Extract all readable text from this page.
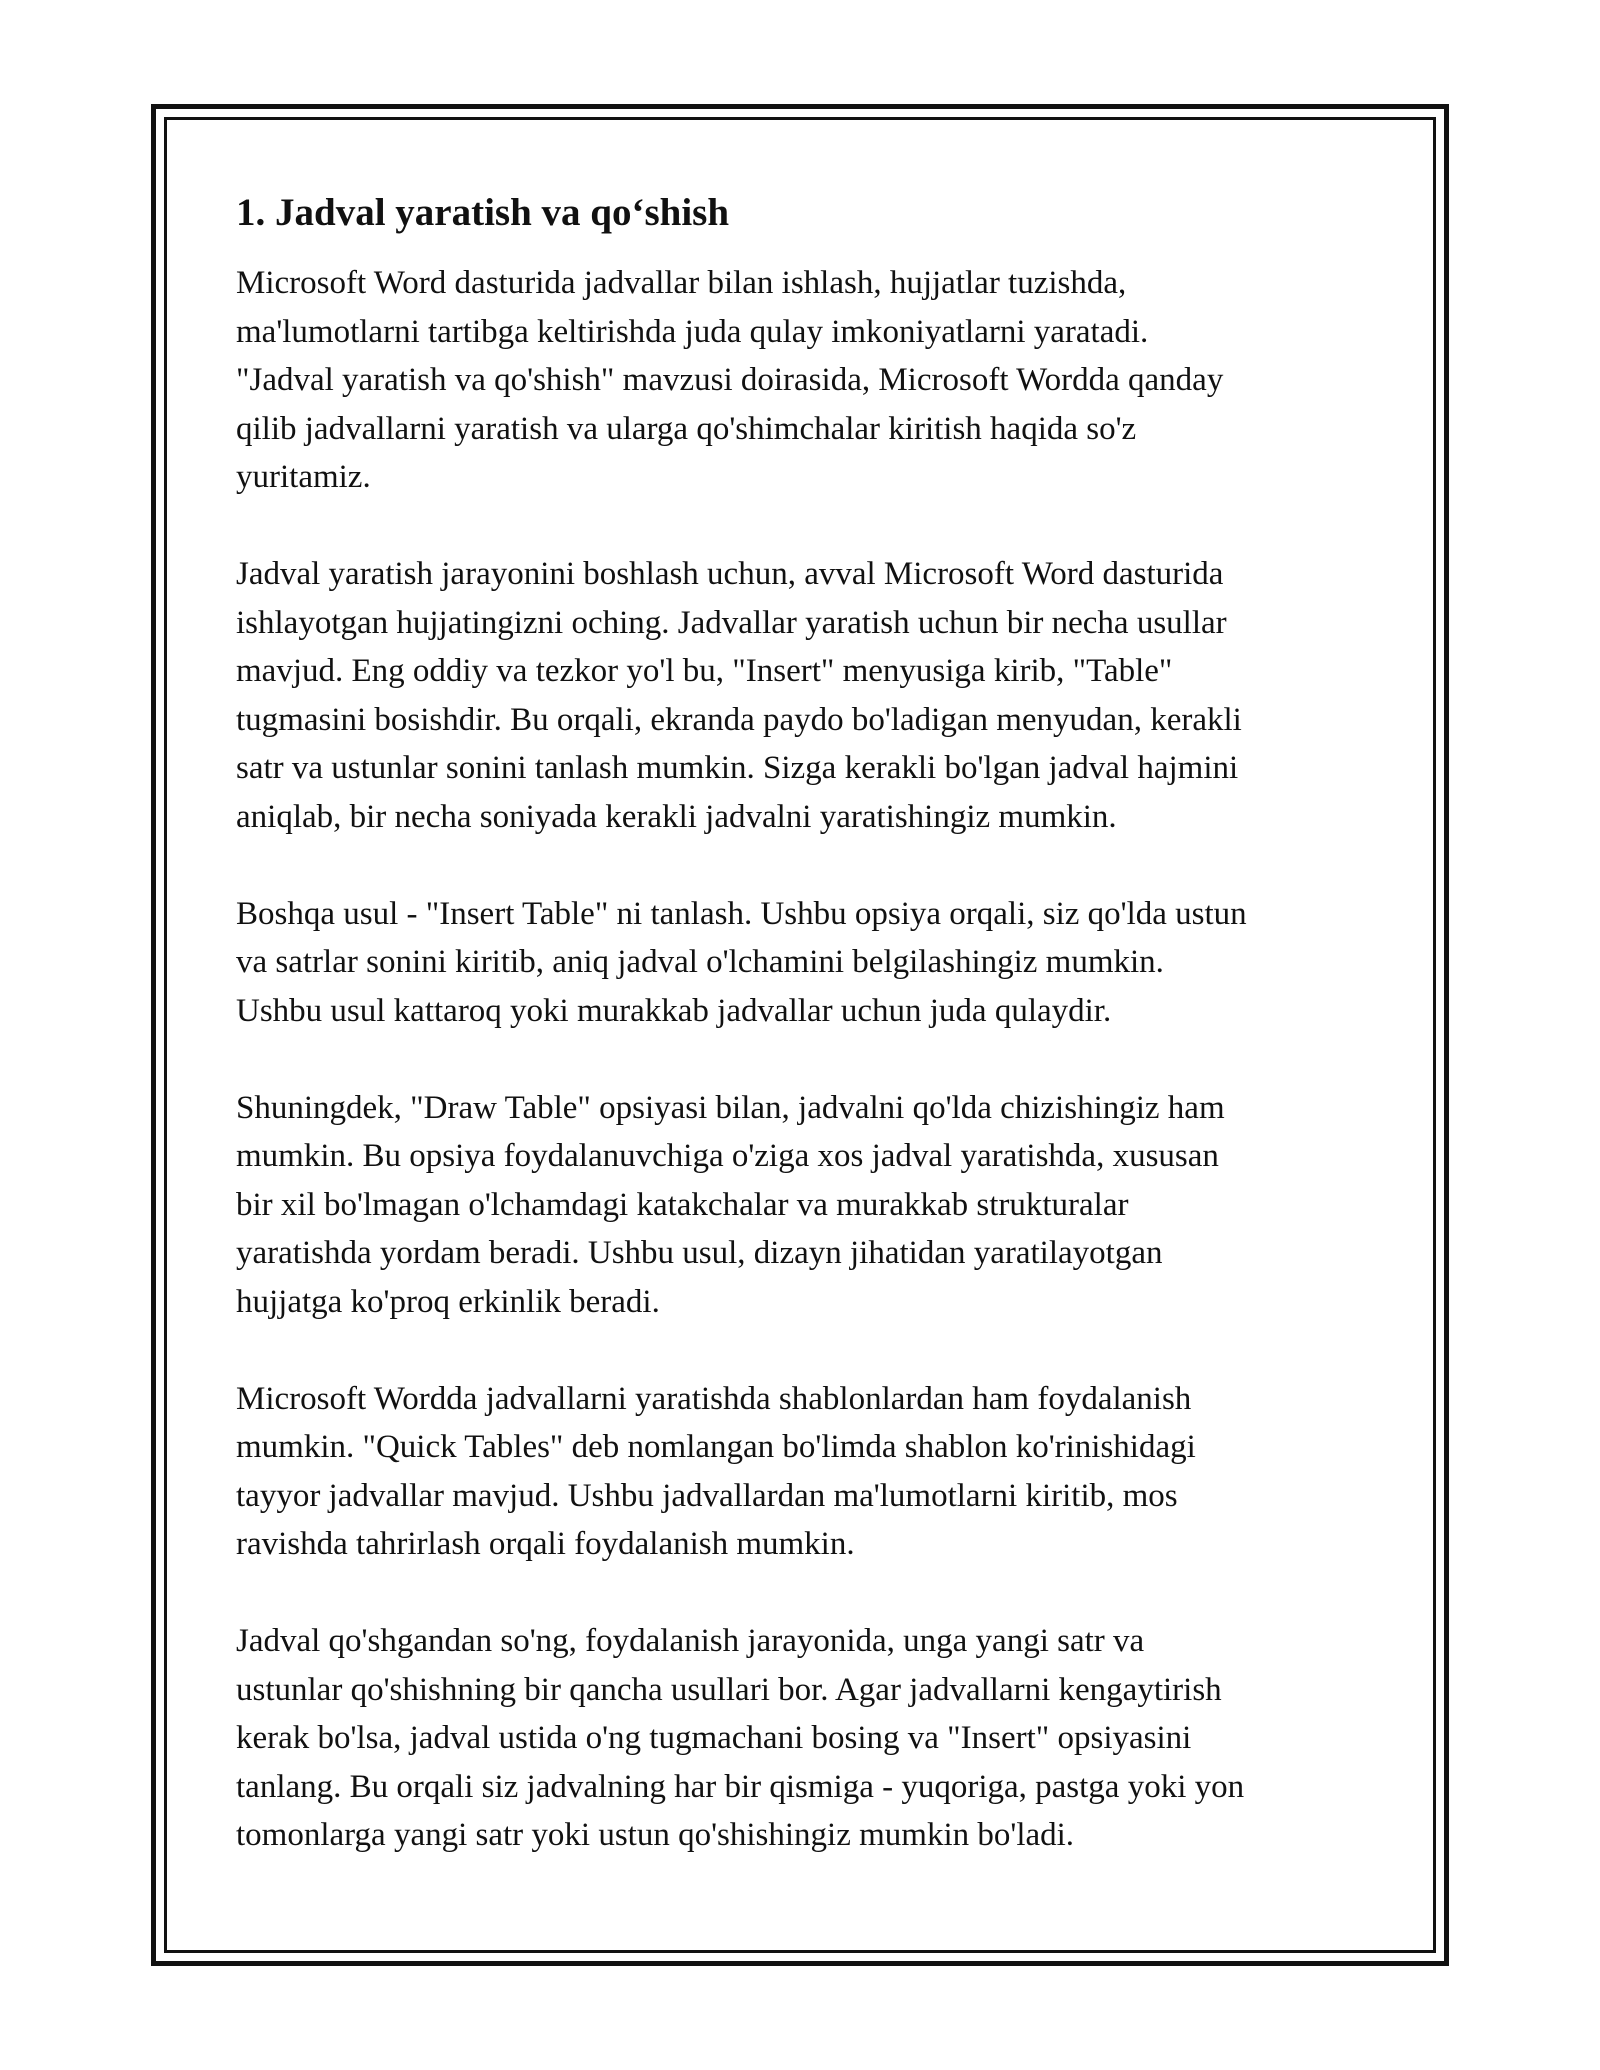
1. Jadval yaratish va qo‘shish

Microsoft Word dasturida jadvallar bilan ishlash, hujjatlar tuzishda,
ma'lumotlarni tartibga keltirishda juda qulay imkoniyatlarni yaratadi.
"Jadval yaratish va qo'shish" mavzusi doirasida, Microsoft Wordda qanday
qilib jadvallarni yaratish va ularga qo'shimchalar kiritish haqida so'z
yuritamiz.

Jadval yaratish jarayonini boshlash uchun, avval Microsoft Word dasturida
ishlayotgan hujjatingizni oching. Jadvallar yaratish uchun bir necha usullar
mavjud. Eng oddiy va tezkor yo'l bu, "Insert" menyusiga kirib, "Table"
tugmasini bosishdir. Bu orqali, ekranda paydo bo'ladigan menyudan, kerakli
satr va ustunlar sonini tanlash mumkin. Sizga kerakli bo'lgan jadval hajmini
aniqlab, bir necha soniyada kerakli jadvalni yaratishingiz mumkin.

Boshqa usul - "Insert Table" ni tanlash. Ushbu opsiya orqali, siz qo'lda ustun
va satrlar sonini kiritib, aniq jadval o'lchamini belgilashingiz mumkin.
Ushbu usul kattaroq yoki murakkab jadvallar uchun juda qulaydir.

Shuningdek, "Draw Table" opsiyasi bilan, jadvalni qo'lda chizishingiz ham
mumkin. Bu opsiya foydalanuvchiga o'ziga xos jadval yaratishda, xususan
bir xil bo'lmagan o'lchamdagi katakchalar va murakkab strukturalar
yaratishda yordam beradi. Ushbu usul, dizayn jihatidan yaratilayotgan
hujjatga ko'proq erkinlik beradi.

Microsoft Wordda jadvallarni yaratishda shablonlardan ham foydalanish
mumkin. "Quick Tables" deb nomlangan bo'limda shablon ko'rinishidagi
tayyor jadvallar mavjud. Ushbu jadvallardan ma'lumotlarni kiritib, mos
ravishda tahrirlash orqali foydalanish mumkin.

Jadval qo'shgandan so'ng, foydalanish jarayonida, unga yangi satr va
ustunlar qo'shishning bir qancha usullari bor. Agar jadvallarni kengaytirish
kerak bo'lsa, jadval ustida o'ng tugmachani bosing va "Insert" opsiyasini
tanlang. Bu orqali siz jadvalning har bir qismiga - yuqoriga, pastga yoki yon
tomonlarga yangi satr yoki ustun qo'shishingiz mumkin bo'ladi.
